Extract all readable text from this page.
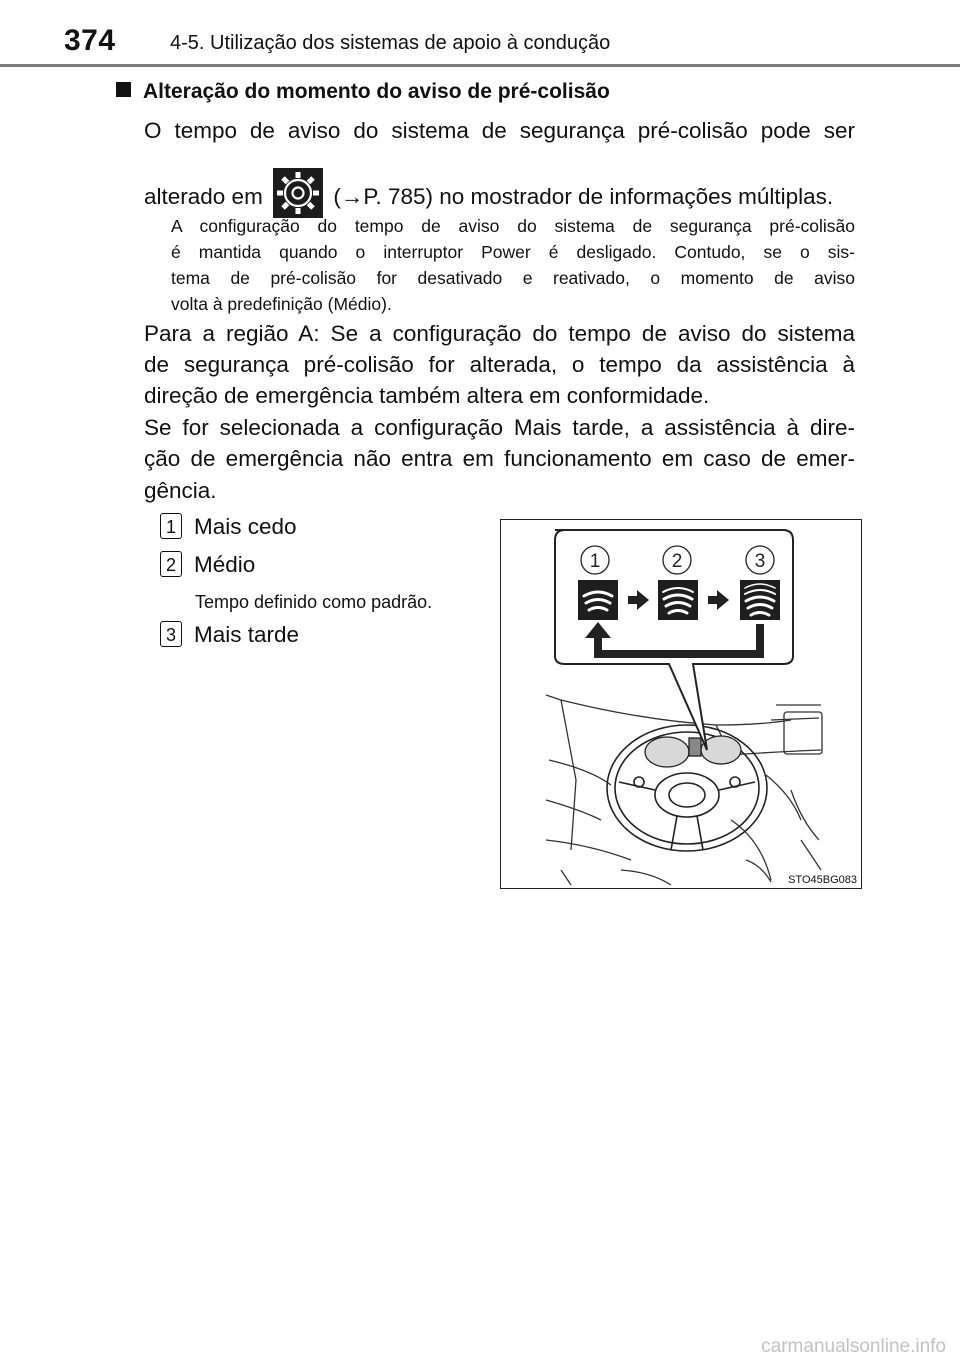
374	4-5. Utilização dos sistemas de apoio à condução
Alteração do momento do aviso de pré-colisão
O tempo de aviso do sistema de segurança pré-colisão pode ser
alterado em	(→P. 785) no mostrador de informações múltiplas.
A configuração do tempo de aviso do sistema de segurança pré-colisão
é mantida quando o interruptor Power é desligado. Contudo, se o sis-
tema de pré-colisão for desativado e reativado, o momento de aviso
volta à predefinição (Médio).
Para a região A: Se a configuração do tempo de aviso do sistema
de segurança pré-colisão for alterada, o tempo da assistência à
direção de emergência também altera em conformidade.
Se for selecionada a configuração Mais tarde, a assistência à dire-
ção de emergência não entra em funcionamento em caso de emer-
gência.
1 Mais cedo
2 Médio
Tempo definido como padrão.
3 Mais tarde
1	2	3
STO45BG083
carmanualsonline.info
